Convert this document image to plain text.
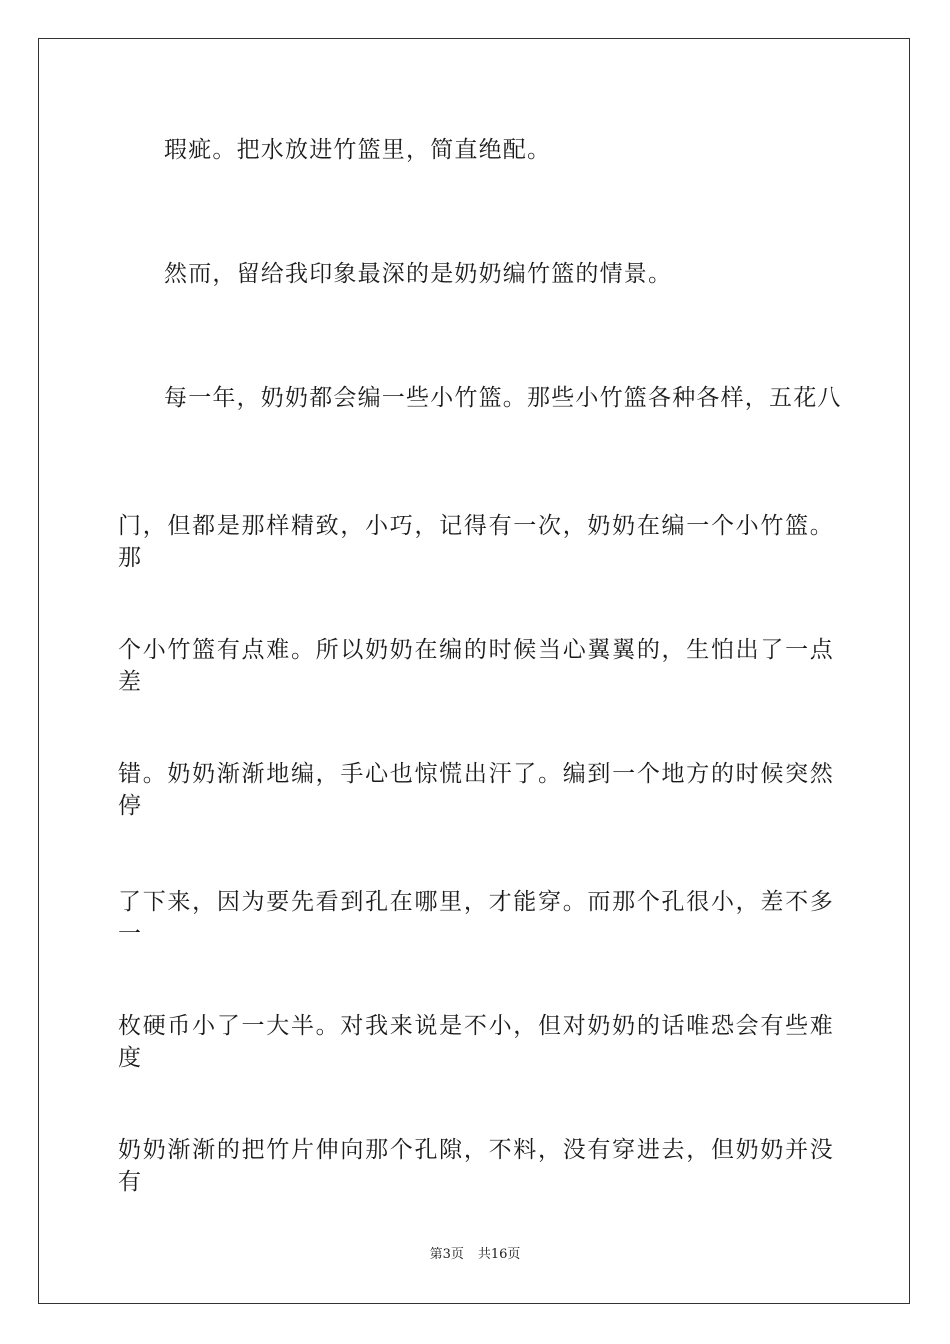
瑕疵。把水放进竹篮里，简直绝配。
然而，留给我印象最深的是奶奶编竹篮的情景。
每一年，奶奶都会编一些小竹篮。那些小竹篮各种各样，五花八
门，但都是那样精致，小巧，记得有一次，奶奶在编一个小竹篮。那
个小竹篮有点难。所以奶奶在编的时候当心翼翼的，生怕出了一点差
错。奶奶渐渐地编，手心也惊慌出汗了。编到一个地方的时候突然停
了下来，因为要先看到孔在哪里，才能穿。而那个孔很小，差不多一
枚硬币小了一大半。对我来说是不小，但对奶奶的话唯恐会有些难度
奶奶渐渐的把竹片伸向那个孔隙，不料，没有穿进去，但奶奶并没有
第3页 共16页
